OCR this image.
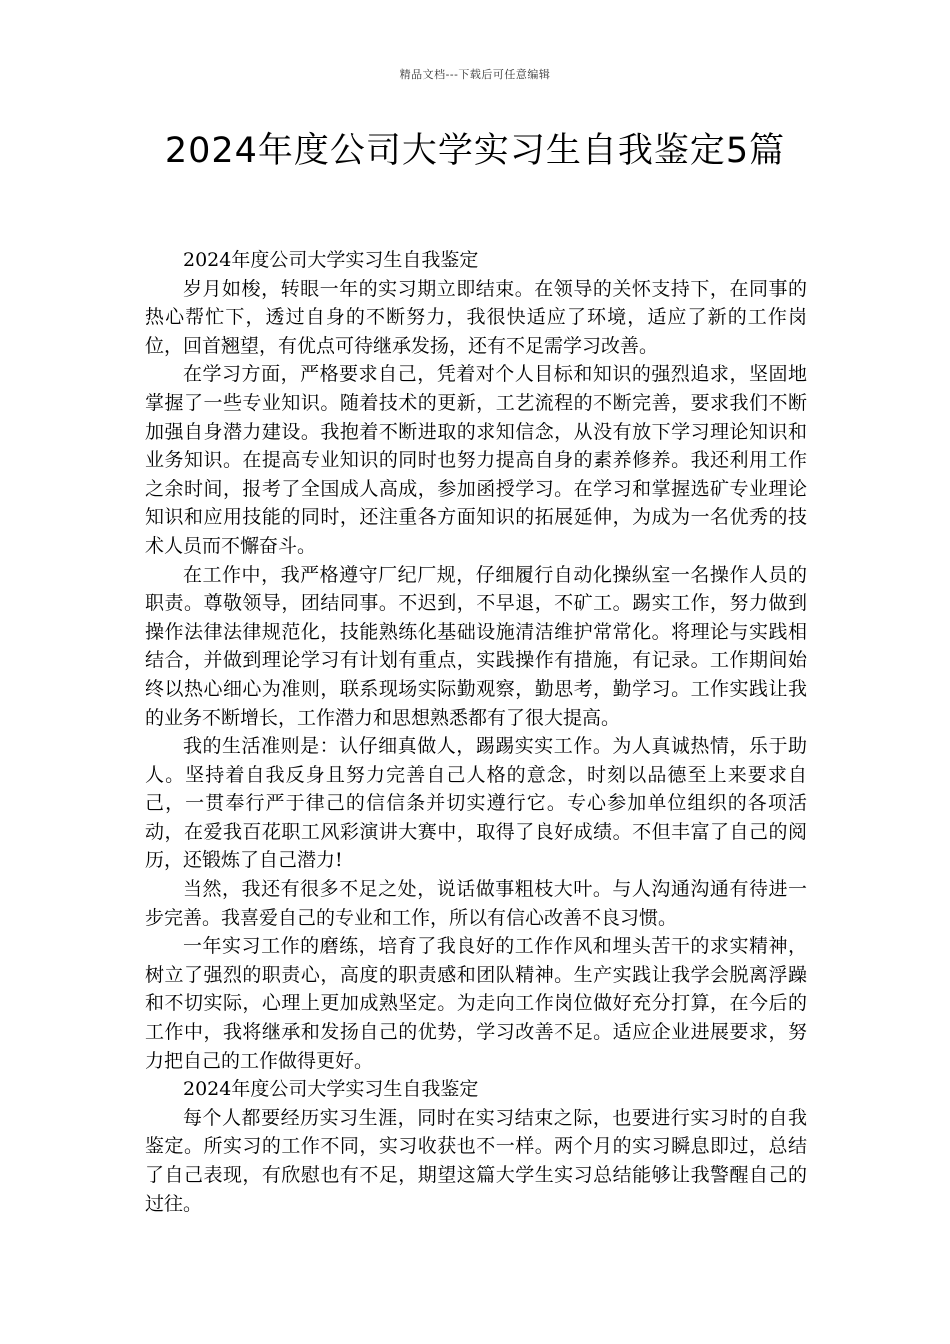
精品文档---下载后可任意编辑
2024年度公司大学实习生自我鉴定5篇

2024年度公司大学实习生自我鉴定

岁月如梭，转眼一年的实习期立即结束。在领导的关怀支持下，在同事的热心帮忙下，透过自身的不断努力，我很快适应了环境，适应了新的工作岗位，回首翘望，有优点可待继承发扬，还有不足需学习改善。

在学习方面，严格要求自己，凭着对个人目标和知识的强烈追求，坚固地掌握了一些专业知识。随着技术的更新，工艺流程的不断完善，要求我们不断加强自身潜力建设。我抱着不断进取的求知信念，从没有放下学习理论知识和业务知识。在提高专业知识的同时也努力提高自身的素养修养。我还利用工作之余时间，报考了全国成人高成，参加函授学习。在学习和掌握选矿专业理论知识和应用技能的同时，还注重各方面知识的拓展延伸，为成为一名优秀的技术人员而不懈奋斗。

在工作中，我严格遵守厂纪厂规，仔细履行自动化操纵室一名操作人员的职责。尊敬领导，团结同事。不迟到，不早退，不矿工。踢实工作，努力做到操作法律法律规范化，技能熟练化基础设施清洁维护常常化。将理论与实践相结合，并做到理论学习有计划有重点，实践操作有措施，有记录。工作期间始终以热心细心为准则，联系现场实际勤观察，勤思考，勤学习。工作实践让我的业务不断增长，工作潜力和思想熟悉都有了很大提高。

我的生活准则是：认仔细真做人，踢踢实实工作。为人真诚热情，乐于助人。坚持着自我反身且努力完善自己人格的意念，时刻以品德至上来要求自己，一贯奉行严于律己的信信条并切实遵行它。专心参加单位组织的各项活动，在爱我百花职工风彩演讲大赛中，取得了良好成绩。不但丰富了自己的阅历，还锻炼了自己潜力!

当然，我还有很多不足之处，说话做事粗枝大叶。与人沟通沟通有待进一步完善。我喜爱自己的专业和工作，所以有信心改善不良习惯。

一年实习工作的磨练，培育了我良好的工作作风和埋头苦干的求实精神，树立了强烈的职责心，高度的职责感和团队精神。生产实践让我学会脱离浮躁和不切实际，心理上更加成熟坚定。为走向工作岗位做好充分打算，在今后的工作中，我将继承和发扬自己的优势，学习改善不足。适应企业进展要求，努力把自己的工作做得更好。

2024年度公司大学实习生自我鉴定

每个人都要经历实习生涯，同时在实习结束之际，也要进行实习时的自我鉴定。所实习的工作不同，实习收获也不一样。两个月的实习瞬息即过，总结了自己表现，有欣慰也有不足，期望这篇大学生实习总结能够让我警醒自己的过往。
